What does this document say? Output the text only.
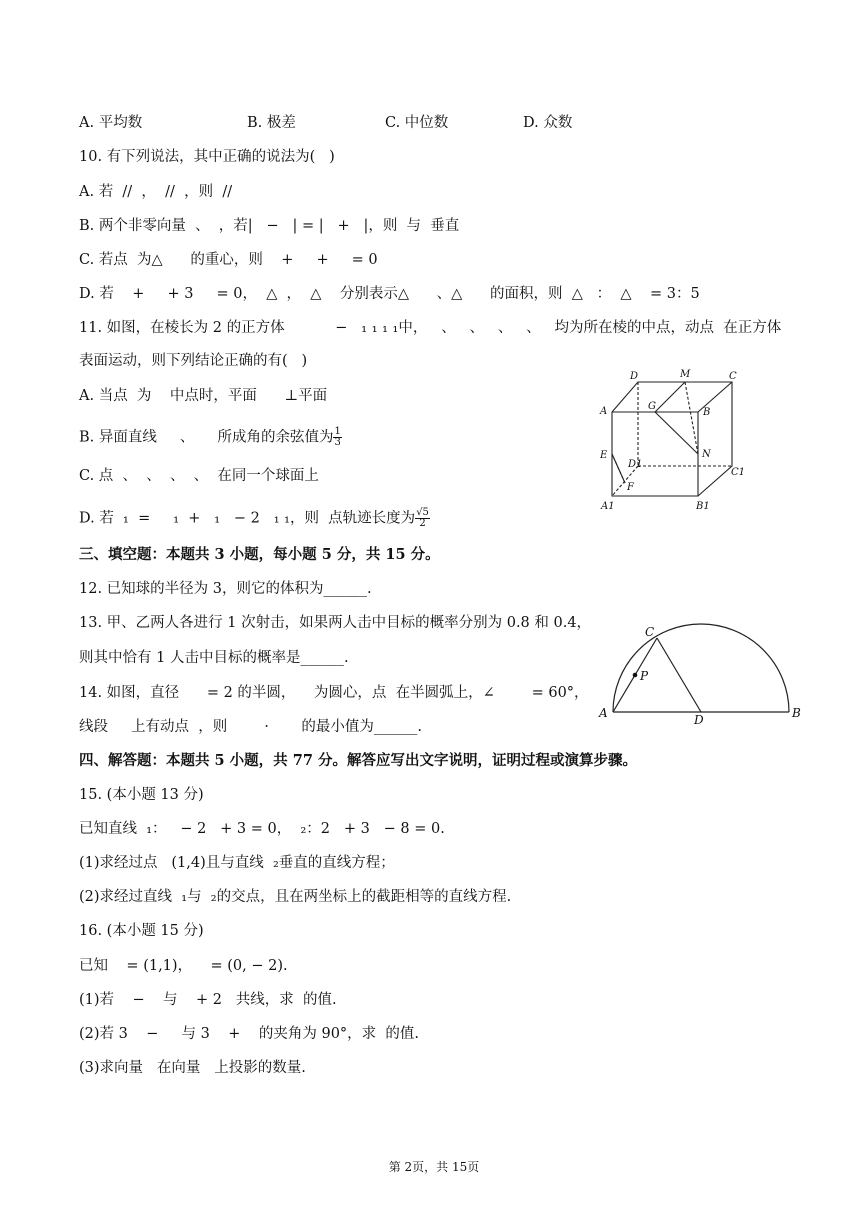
A. 平均数	B. 极差	C. 中位数	D. 众数
10. 有下列说法，其中正确的说法为(   )
A. 若  //  ，  //  ，则  //
B. 两个非零向量  、  ，若|   −   | = |   +   |，则  与  垂直
C. 若点  为△      的重心，则    +     +     = 0
D. 若    +     + 3     = 0，  △  ，  △    分别表示△      、△      的面积，则  △   ：  △    = 3：5
11. 如图，在棱长为 2 的正方体           −   ₁ ₁ ₁ ₁中，   、   、   、   、   均为所在棱的中点，动点  在正方体
表面运动，则下列结论正确的有(   )
A. 当点  为    中点时，平面      ⊥平面
B. 异面直线     、     所成角的余弦值为 $\frac{1}{3}$
C. 点  、  、  、  、  在同一个球面上
D. 若  ₁  =     ₁  +   ₁   − 2   ₁ ₁，则  点轨迹长度为 $\frac{√5}{2}$
D	M	C
A	G
B
E
D1
N
C1
F
A1	B1
三、填空题：本题共 3 小题，每小题 5 分，共 15 分。
12. 已知球的半径为 3，则它的体积为______.
13. 甲、乙两人各进行 1 次射击，如果两人击中目标的概率分别为 0.8 和 0.4，
则其中恰有 1 人击中目标的概率是______.
14. 如图，直径      = 2 的半圆，    为圆心，点  在半圆弧上，∠        = 60°，
线段     上有动点  ，则        ⋅       的最小值为______.
C
P
A	D	B
四、解答题：本题共 5 小题，共 77 分。解答应写出文字说明，证明过程或演算步骤。
15. (本小题 13 分)
已知直线  ₁：   − 2   + 3 = 0，  ₂：2   + 3   − 8 = 0.
(1)求经过点   (1,4)且与直线  ₂垂直的直线方程；
(2)求经过直线  ₁与  ₂的交点，且在两坐标上的截距相等的直线方程.
16. (本小题 15 分)
已知    = (1,1)，    = (0, − 2).
(1)若    −    与    + 2   共线，求  的值.
(2)若 3    −     与 3    +    的夹角为 90°，求  的值.
(3)求向量   在向量   上投影的数量.
第 2页，共 15页
